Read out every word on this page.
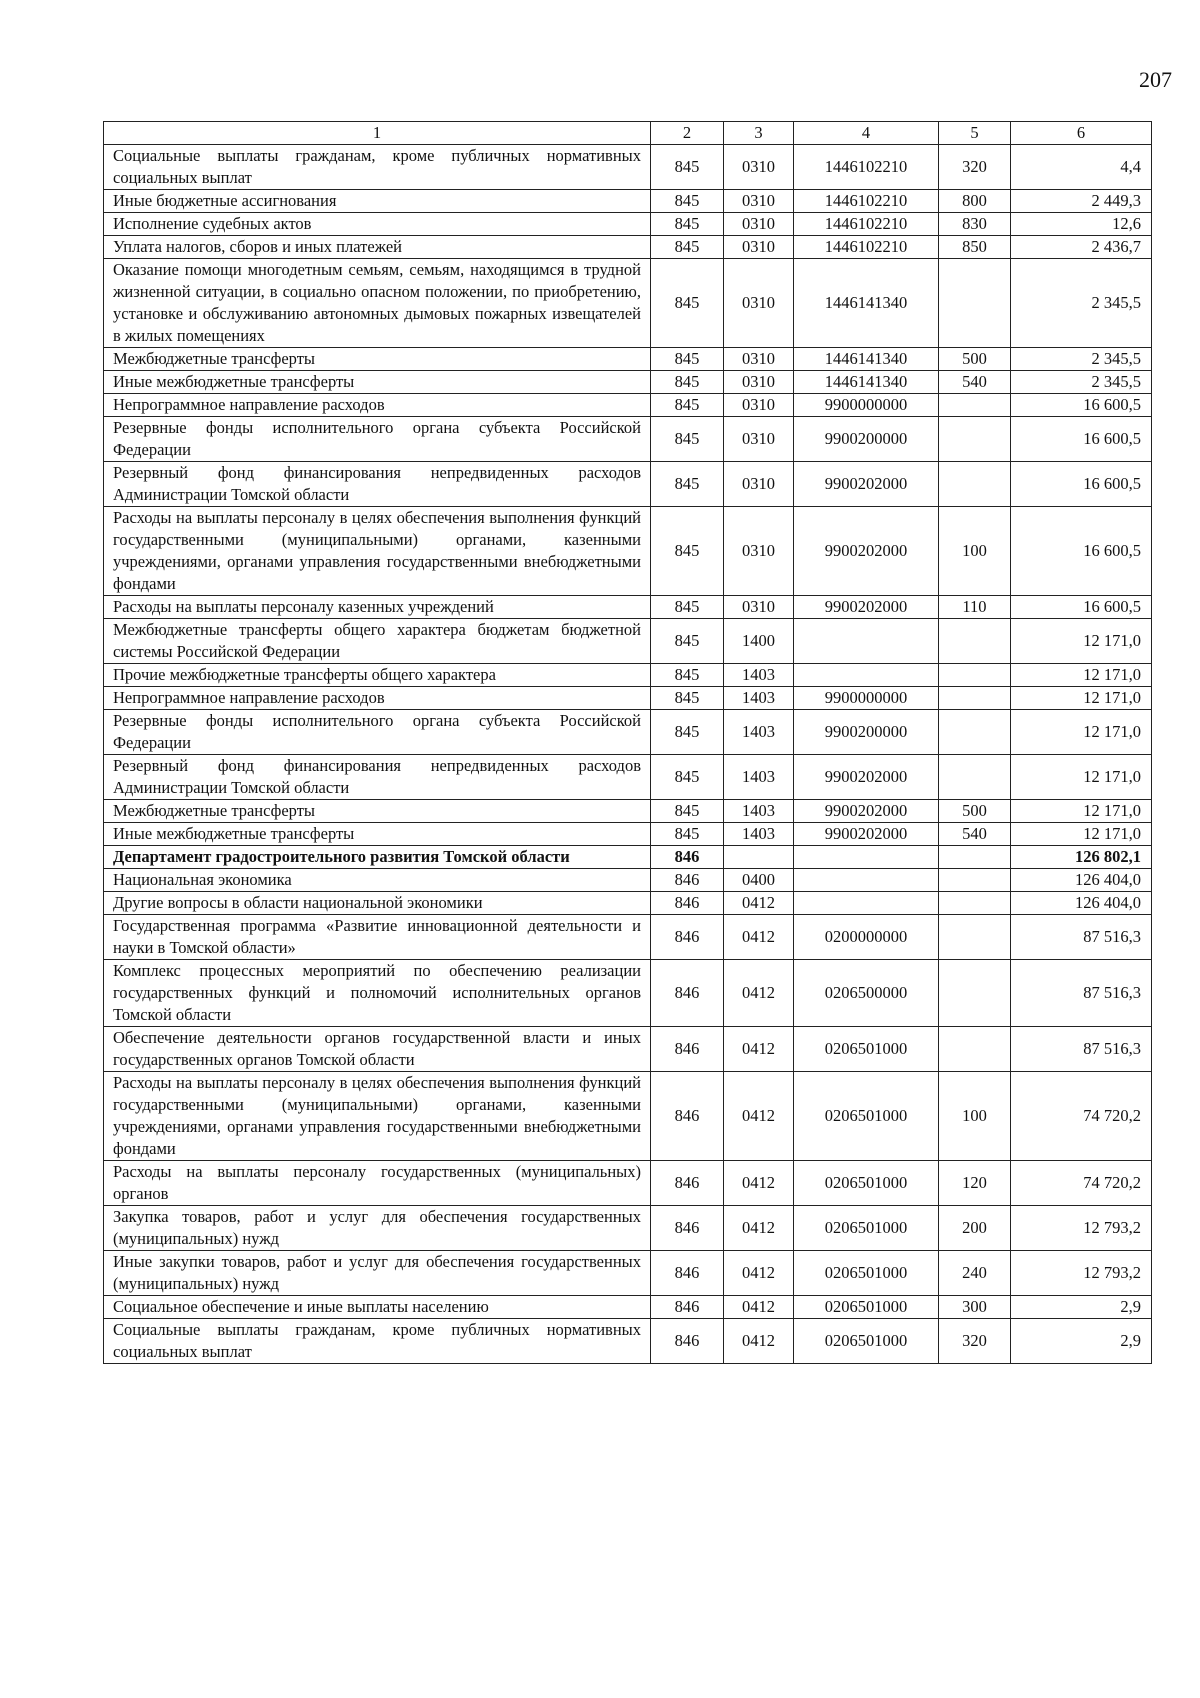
207
1	2	3	4	5	6
Социальные выплаты гражданам, кроме публичных нормативных социальных выплат	845	0310	1446102210	320	4,4
Иные бюджетные ассигнования	845	0310	1446102210	800	2 449,3
Исполнение судебных актов	845	0310	1446102210	830	12,6
Уплата налогов, сборов и иных платежей	845	0310	1446102210	850	2 436,7
Оказание помощи многодетным семьям, семьям, находящимся в трудной жизненной ситуации, в социально опасном положении, по приобретению, установке и обслуживанию автономных дымовых пожарных извещателей в жилых помещениях	845	0310	1446141340		2 345,5
Межбюджетные трансферты	845	0310	1446141340	500	2 345,5
Иные межбюджетные трансферты	845	0310	1446141340	540	2 345,5
Непрограммное направление расходов	845	0310	9900000000		16 600,5
Резервные фонды исполнительного органа субъекта Российской Федерации	845	0310	9900200000		16 600,5
Резервный фонд финансирования непредвиденных расходов Администрации Томской области	845	0310	9900202000		16 600,5
Расходы на выплаты персоналу в целях обеспечения выполнения функций государственными (муниципальными) органами, казенными учреждениями, органами управления государственными внебюджетными фондами	845	0310	9900202000	100	16 600,5
Расходы на выплаты персоналу казенных учреждений	845	0310	9900202000	110	16 600,5
Межбюджетные трансферты общего характера бюджетам бюджетной системы Российской Федерации	845	1400			12 171,0
Прочие межбюджетные трансферты общего характера	845	1403			12 171,0
Непрограммное направление расходов	845	1403	9900000000		12 171,0
Резервные фонды исполнительного органа субъекта Российской Федерации	845	1403	9900200000		12 171,0
Резервный фонд финансирования непредвиденных расходов Администрации Томской области	845	1403	9900202000		12 171,0
Межбюджетные трансферты	845	1403	9900202000	500	12 171,0
Иные межбюджетные трансферты	845	1403	9900202000	540	12 171,0
Департамент градостроительного развития Томской области	846				126 802,1
Национальная экономика	846	0400			126 404,0
Другие вопросы в области национальной экономики	846	0412			126 404,0
Государственная программа «Развитие инновационной деятельности и науки в Томской области»	846	0412	0200000000		87 516,3
Комплекс процессных мероприятий по обеспечению реализации государственных функций и полномочий исполнительных органов Томской области	846	0412	0206500000		87 516,3
Обеспечение деятельности органов государственной власти и иных государственных органов Томской области	846	0412	0206501000		87 516,3
Расходы на выплаты персоналу в целях обеспечения выполнения функций государственными (муниципальными) органами, казенными учреждениями, органами управления государственными внебюджетными фондами	846	0412	0206501000	100	74 720,2
Расходы на выплаты персоналу государственных (муниципальных) органов	846	0412	0206501000	120	74 720,2
Закупка товаров, работ и услуг для обеспечения государственных (муниципальных) нужд	846	0412	0206501000	200	12 793,2
Иные закупки товаров, работ и услуг для обеспечения государственных (муниципальных) нужд	846	0412	0206501000	240	12 793,2
Социальное обеспечение и иные выплаты населению	846	0412	0206501000	300	2,9
Социальные выплаты гражданам, кроме публичных нормативных социальных выплат	846	0412	0206501000	320	2,9
